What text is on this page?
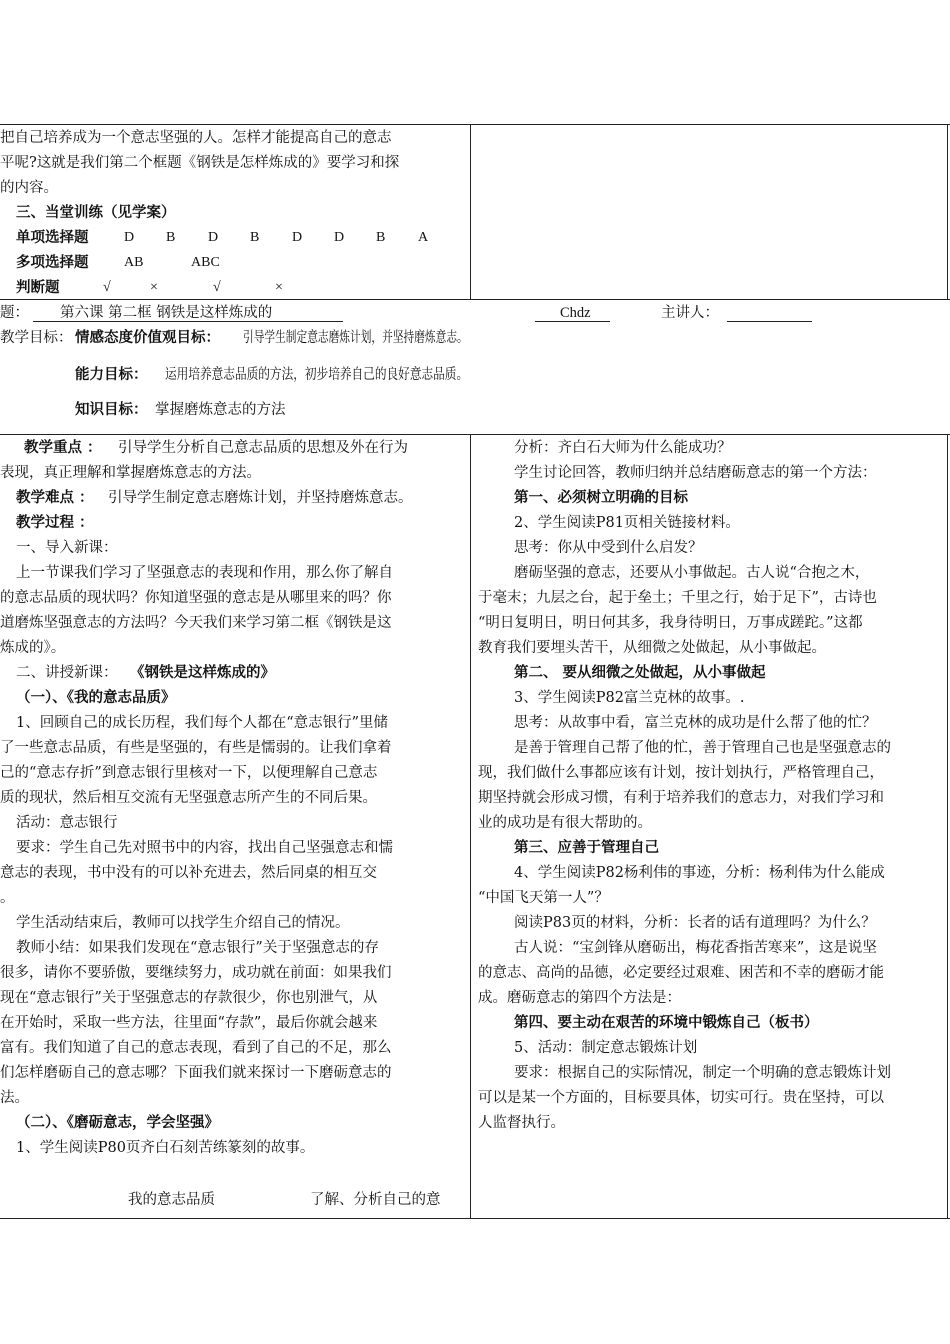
把自己培养成为一个意志坚强的人。怎样才能提高自己的意志
平呢?这就是我们第二个框题《钢铁是怎样炼成的》要学习和探
的内容。
三、当堂训练（见学案）
单项选择题	D B D B D D B A
多项选择题	AB	ABC
判断题	√	×	√	×
题： 第六课 第二框 钢铁是这样炼成的	Chdz	主讲人：
教学目标： 情感态度价值观目标： 引导学生制定意志磨炼计划，并坚持磨炼意志。
能力目标： 运用培养意志品质的方法，初步培养自己的良好意志品质。
知识目标： 掌握磨炼意志的方法
教学重点 ： 引导学生分析自己意志品质的思想及外在行为
表现，真正理解和掌握磨炼意志的方法。
教学难点 ： 引导学生制定意志磨炼计划，并坚持磨炼意志。
教学过程 ：
一、导入新课：
上一节课我们学习了坚强意志的表现和作用，那么你了解自
的意志品质的现状吗？你知道坚强的意志是从哪里来的吗？你
道磨炼坚强意志的方法吗？今天我们来学习第二框《钢铁是这
炼成的》。
二、讲授新课： 《钢铁是这样炼成的》
（一）、《我的意志品质》
1、回顾自己的成长历程，我们每个人都在“意志银行”里储
了一些意志品质，有些是坚强的，有些是懦弱的。让我们拿着
己的“意志存折”到意志银行里核对一下，以便理解自己意志
质的现状，然后相互交流有无坚强意志所产生的不同后果。
活动：意志银行
要求：学生自己先对照书中的内容，找出自己坚强意志和懦
意志的表现，书中没有的可以补充进去，然后同桌的相互交
。
学生活动结束后，教师可以找学生介绍自己的情况。
教师小结：如果我们发现在“意志银行”关于坚强意志的存
很多，请你不要骄傲，要继续努力，成功就在前面：如果我们
现在“意志银行”关于坚强意志的存款很少，你也别泄气，从
在开始时，采取一些方法，往里面“存款”，最后你就会越来
富有。我们知道了自己的意志表现，看到了自己的不足，那么
们怎样磨砺自己的意志哪？下面我们就来探讨一下磨砺意志的
法。
（二）、《磨砺意志，学会坚强》
1、学生阅读P80页齐白石刻苦练篆刻的故事。
我的意志品质	了解、分析自己的意
分析：齐白石大师为什么能成功？
学生讨论回答，教师归纳并总结磨砺意志的第一个方法：
第一、必须树立明确的目标
2、学生阅读P81页相关链接材料。
思考：你从中受到什么启发？
磨砺坚强的意志，还要从小事做起。古人说“合抱之木，
于毫末；九层之台，起于垒土；千里之行，始于足下”，古诗也
“明日复明日，明日何其多，我身待明日，万事成蹉跎。”这都
教育我们要埋头苦干，从细微之处做起，从小事做起。
第二、 要从细微之处做起，从小事做起
3、学生阅读P82富兰克林的故事。.
思考：从故事中看，富兰克林的成功是什么帮了他的忙？
是善于管理自己帮了他的忙，善于管理自己也是坚强意志的
现，我们做什么事都应该有计划，按计划执行，严格管理自己，
期坚持就会形成习惯，有利于培养我们的意志力，对我们学习和
业的成功是有很大帮助的。
第三、应善于管理自己
4、学生阅读P82杨利伟的事迹，分析：杨利伟为什么能成
“中国飞天第一人”？
阅读P83页的材料，分析：长者的话有道理吗？为什么？
古人说：“宝剑锋从磨砺出，梅花香指苦寒来”，这是说坚
的意志、高尚的品德，必定要经过艰难、困苦和不幸的磨砺才能
成。磨砺意志的第四个方法是：
第四、要主动在艰苦的环境中锻炼自己（板书）
5、活动：制定意志锻炼计划
要求：根据自己的实际情况，制定一个明确的意志锻炼计划
可以是某一个方面的，目标要具体，切实可行。贵在坚持，可以
人监督执行。
